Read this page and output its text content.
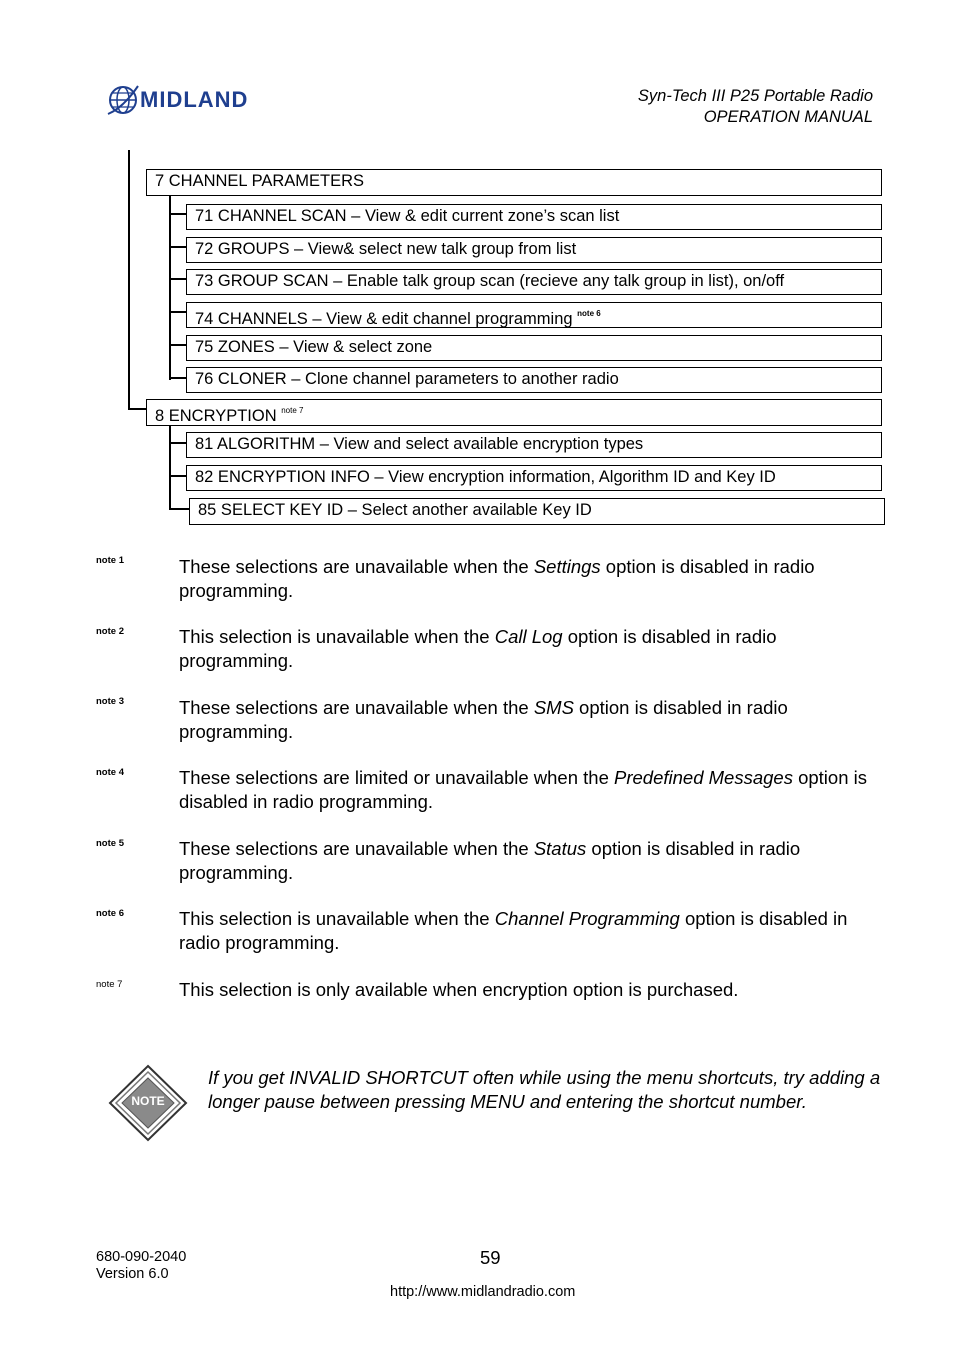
MIDLAND	Syn-Tech III P25 Portable Radio
OPERATION MANUAL
7 CHANNEL PARAMETERS
71 CHANNEL SCAN – View & edit current zone’s scan list
72 GROUPS – View& select new talk group from list
73 GROUP SCAN – Enable talk group scan (recieve any talk group in list), on/off
74 CHANNELS – View & edit channel programming $^{note 6}$
75 ZONES – View & select zone
76 CLONER – Clone channel parameters to another radio
8 ENCRYPTION $^{note 7}$
81 ALGORITHM – View and select available encryption types
82 ENCRYPTION INFO – View encryption information, Algorithm ID and Key ID
85 SELECT KEY ID – Select another available Key ID
note 1	These selections are unavailable when the Settings option is disabled in radio programming.
note 2	This selection is unavailable when the Call Log option is disabled in radio programming.
note 3	These selections are unavailable when the SMS option is disabled in radio programming.
note 4	These selections are limited or unavailable when the Predefined Messages option is disabled in radio programming.
note 5	These selections are unavailable when the Status option is disabled in radio programming.
note 6	This selection is unavailable when the Channel Programming option is disabled in radio programming.
note 7	This selection is only available when encryption option is purchased.
NOTE
If you get INVALID SHORTCUT often while using the menu shortcuts, try adding a longer pause between pressing MENU and entering the shortcut number.
680-090-2040
Version 6.0
59
http://www.midlandradio.com
